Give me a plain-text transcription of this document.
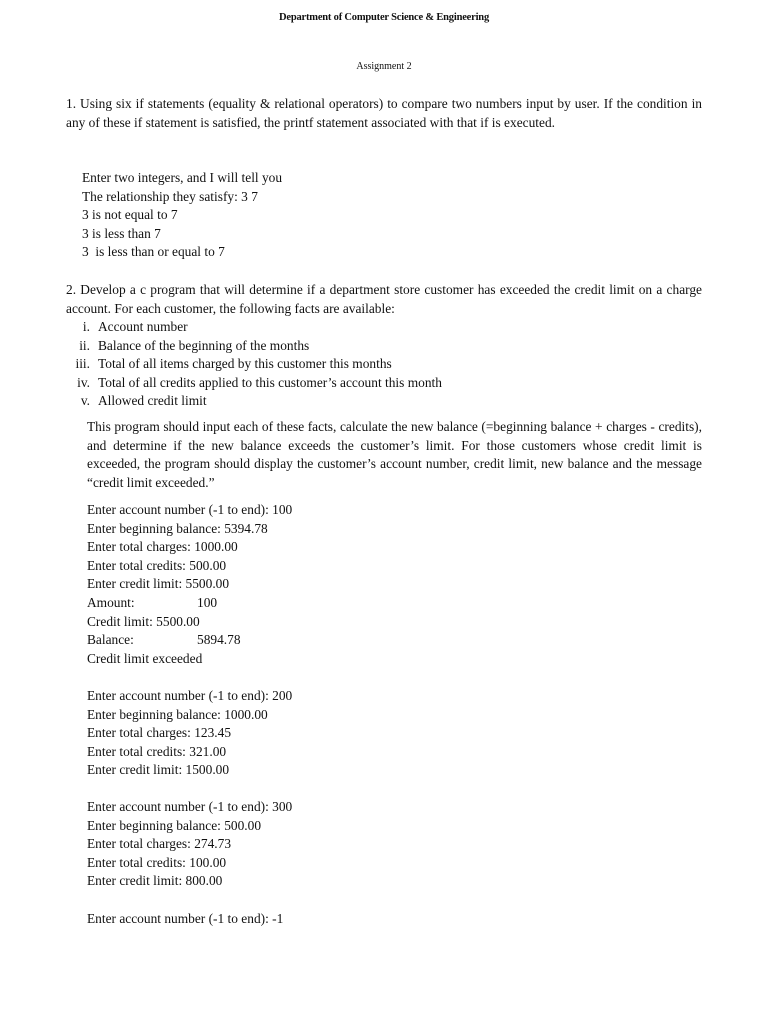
Department of Computer Science & Engineering
Assignment 2

1. Using six if statements (equality & relational operators) to compare two numbers input by user. If the condition in any of these if statement is satisfied, the printf statement associated with that if is executed.

Enter two integers, and I will tell you
The relationship they satisfy: 3 7
3 is not equal to 7
3 is less than 7
3  is less than or equal to 7

2. Develop a c program that will determine if a department store customer has exceeded the credit limit on a charge account. For each customer, the following facts are available:

i. Account number
ii. Balance of the beginning of the months
iii. Total of all items charged by this customer this months
iv. Total of all credits applied to this customer’s account this month
v. Allowed credit limit

This program should input each of these facts, calculate the new balance (=beginning balance + charges - credits), and determine if the new balance exceeds the customer’s limit. For those customers whose credit limit is exceeded, the program should display the customer’s account number, credit limit, new balance and the message “credit limit exceeded.”

Enter account number (-1 to end): 100
Enter beginning balance: 5394.78
Enter total charges: 1000.00
Enter total credits: 500.00
Enter credit limit: 5500.00
Amount:	100
Credit limit: 5500.00
Balance:	5894.78
Credit limit exceeded
Enter account number (-1 to end): 200
Enter beginning balance: 1000.00
Enter total charges: 123.45
Enter total credits: 321.00
Enter credit limit: 1500.00
Enter account number (-1 to end): 300
Enter beginning balance: 500.00
Enter total charges: 274.73
Enter total credits: 100.00
Enter credit limit: 800.00
Enter account number (-1 to end): -1
